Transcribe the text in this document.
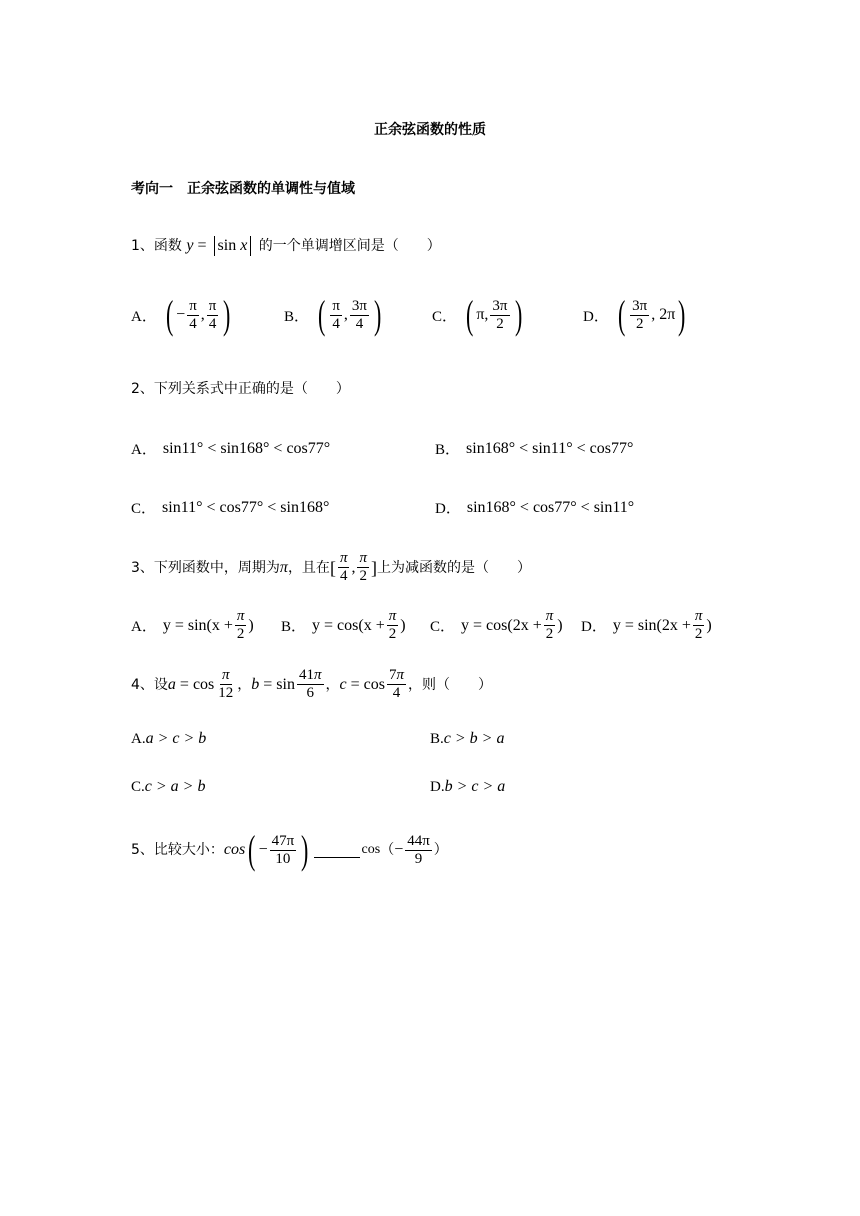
正余弦函数的性质
考向一 正余弦函数的单调性与值域
1、函数 y = sin x 的一个单调增区间是（　　）
A． ( − $\frac{\pi}{4}$ , $\frac{\pi}{4}$ )	B． ( $\frac{\pi}{4}$ , $\frac{3\pi}{4}$ )	C． ( π, $\frac{3\pi}{2}$ )	D． ( $\frac{3\pi}{2}$ , 2π )
2、下列关系式中正确的是（　　）
A． sin11° < sin168° < cos77°	B． sin168° < sin11° < cos77°
C． sin11° < cos77° < sin168°	D． sin168° < cos77° < sin11°
3、下列函数中，周期为 π ，且在 [ $\frac{\pi}{4}$ , $\frac{\pi}{2}$ ] 上为减函数的是（　　）
A． $y = \sin(x + \frac{\pi}{2}$ ) B． $y = \cos(x + \frac{\pi}{2}$ ) C． $y = \cos(2x + \frac{\pi}{2}$ ) D． $y = \sin(2x + \frac{\pi}{2}$ )
4、设 $a = \cos \frac{\pi}{12}$ ， $b = \sin \frac{41\pi}{6}$ ， $c = \cos \frac{7\pi}{4}$ ，则（　　）
A. a > c > b	B. c > b > a
C. c > a > b	D. b > c > a
5、比较大小： cos ( − $\frac{47\pi}{10}$ )	cos （ − $\frac{44\pi}{9}$ ）
